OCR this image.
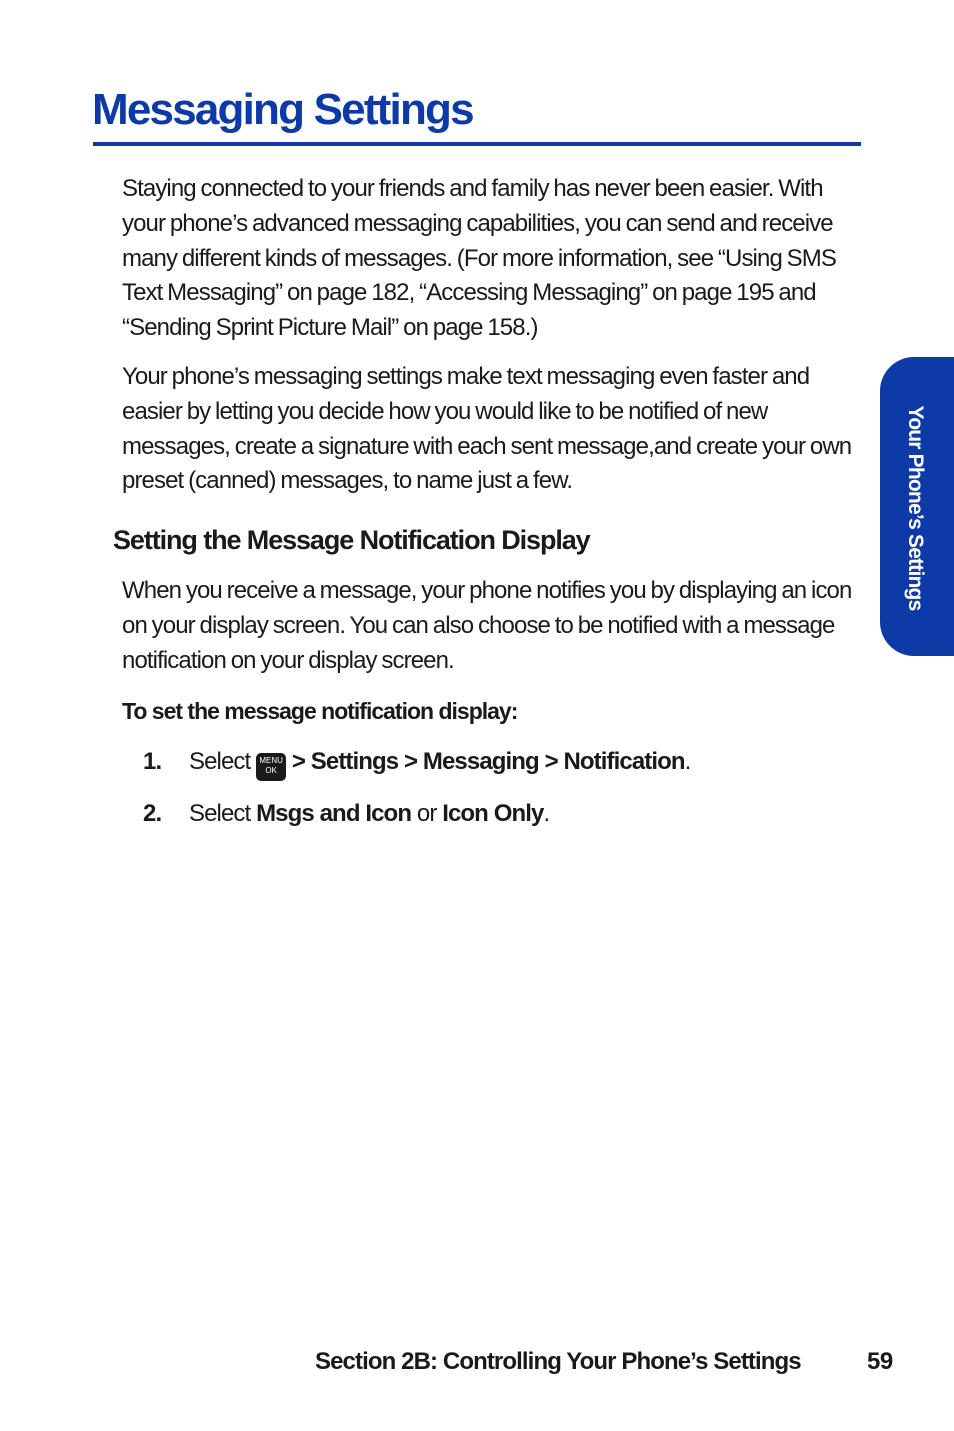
Messaging Settings

Staying connected to your friends and family has never been easier. With your phone’s advanced messaging capabilities, you can send and receive many different kinds of messages. (For more information, see “Using SMS Text Messaging” on page 182, “Accessing Messaging” on page 195 and “Sending Sprint Picture Mail” on page 158.)

Your phone’s messaging settings make text messaging even faster and easier by letting you decide how you would like to be notified of new messages, create a signature with each sent message,and create your own preset (canned) messages, to name just a few.

Setting the Message Notification Display

When you receive a message, your phone notifies you by displaying an icon on your display screen. You can also choose to be notified with a message notification on your display screen.

To set the message notification display:

1. Select	MENU
OK > Settings > Messaging > Notification.
2. Select Msgs and Icon or Icon Only.
Your Phone’s Settings
Section 2B: Controlling Your Phone’s Settings	59
